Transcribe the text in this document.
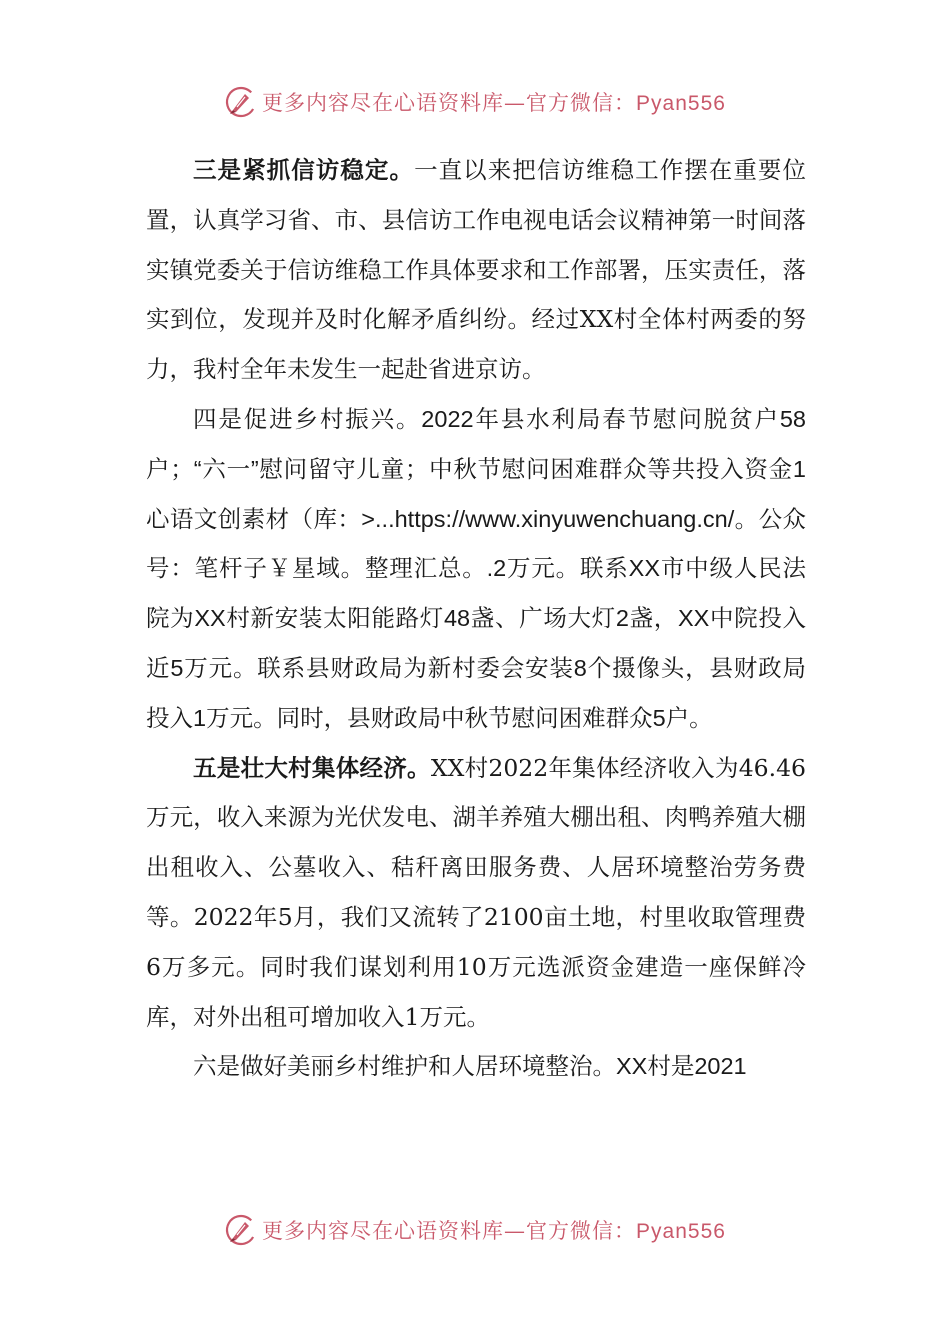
更多内容尽在心语资料库—官方微信：Pyan556

三是紧抓信访稳定。一直以来把信访维稳工作摆在重要位置，认真学习省、市、县信访工作电视电话会议精神第一时间落实镇党委关于信访维稳工作具体要求和工作部署，压实责任，落实到位，发现并及时化解矛盾纠纷。经过XX村全体村两委的努力，我村全年未发生一起赴省进京访。

四是促进乡村振兴。2022年县水利局春节慰问脱贫户58户；“六一”慰问留守儿童；中秋节慰问困难群众等共投入资金1心语文创素材（库：>...https://www.xinyuwenchuang.cn/。公众号：笔杆子￥星域。整理汇总。.2万元。联系XX市中级人民法院为XX村新安装太阳能路灯48盏、广场大灯2盏，XX中院投入近5万元。联系县财政局为新村委会安装8个摄像头，县财政局投入1万元。同时，县财政局中秋节慰问困难群众5户。

五是壮大村集体经济。XX村2022年集体经济收入为46.46万元，收入来源为光伏发电、湖羊养殖大棚出租、肉鸭养殖大棚出租收入、公墓收入、秸秆离田服务费、人居环境整治劳务费等。2022年5月，我们又流转了2100亩土地，村里收取管理费6万多元。同时我们谋划利用10万元选派资金建造一座保鲜冷库，对外出租可增加收入1万元。

六是做好美丽乡村维护和人居环境整治。XX村是2021

更多内容尽在心语资料库—官方微信：Pyan556
